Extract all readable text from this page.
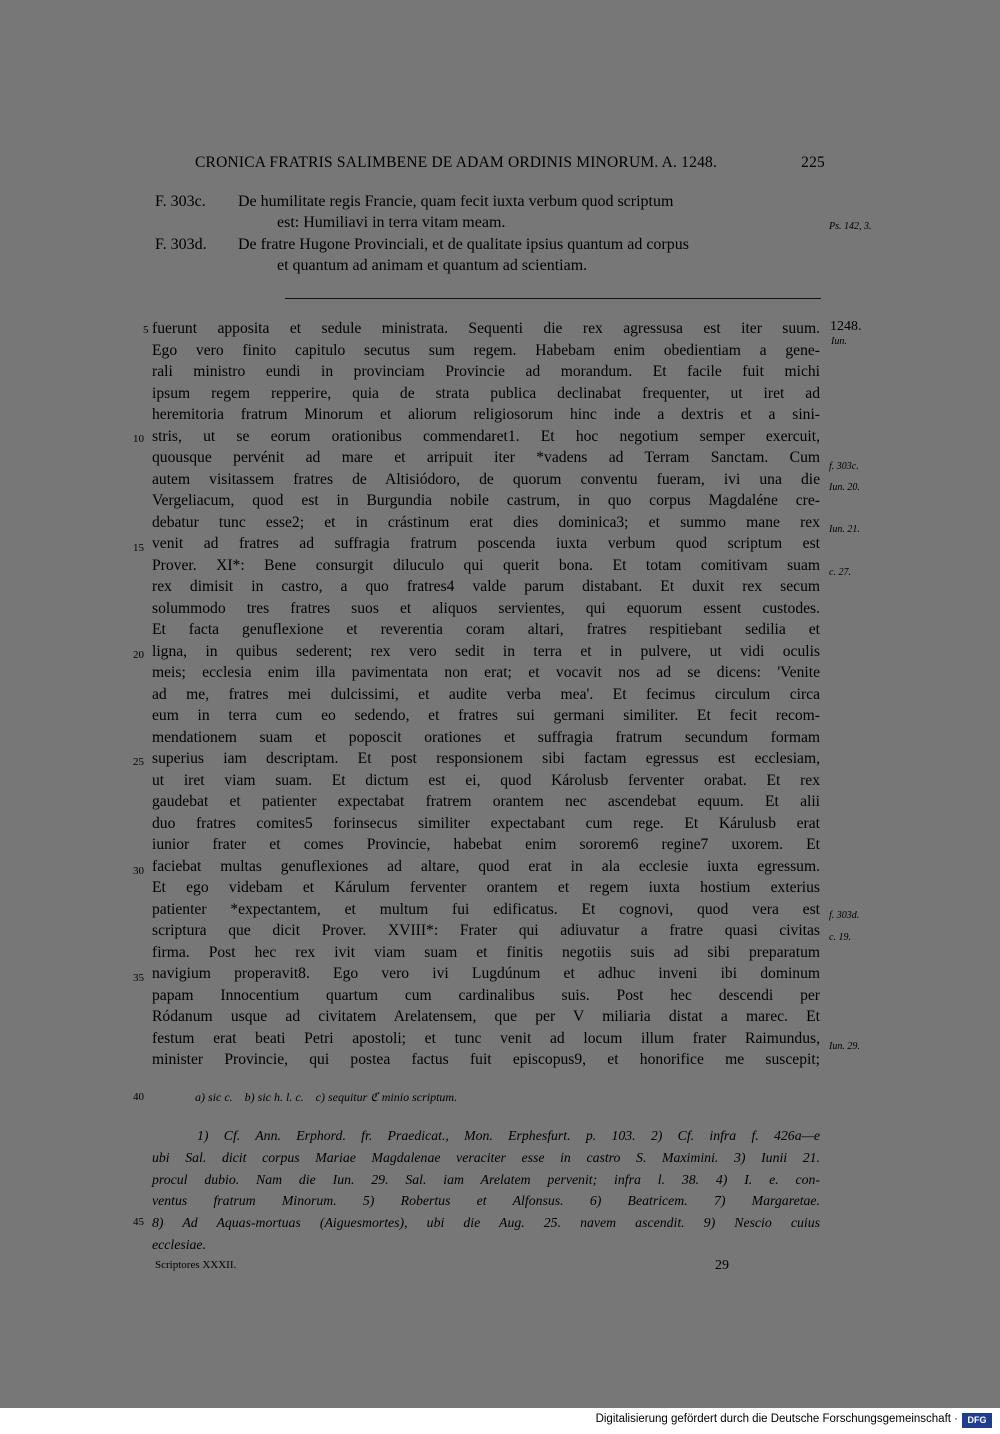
CRONICA FRATRIS SALIMBENE DE ADAM ORDINIS MINORUM. A. 1248.	225
F. 303c. De humilitate regis Francie, quam fecit iuxta verbum quod scriptum
est: Humiliavi in terra vitam meam.	Ps. 142, 3.
F. 303d. De fratre Hugone Provinciali, et de qualitate ipsius quantum ad corpus
et quantum ad animam et quantum ad scientiam.
fuerunt apposita et sedule ministrata. Sequenti die rex agressusa est iter suum.
Ego vero finito capitulo secutus sum regem. Habebam enim obedientiam a gene-
rali ministro eundi in provinciam Provincie ad morandum. Et facile fuit michi
ipsum regem repperire, quia de strata publica declinabat frequenter, ut iret ad
heremitoria fratrum Minorum et aliorum religiosorum hinc inde a dextris et a sini-
stris, ut se eorum orationibus commendaret1. Et hoc negotium semper exercuit,
quousque pervénit ad mare et arripuit iter *vadens ad Terram Sanctam. Cum
autem visitassem fratres de Altisiódoro, de quorum conventu fueram, ivi una die
Vergeliacum, quod est in Burgundia nobile castrum, in quo corpus Magdaléne cre-
debatur tunc esse2; et in crástinum erat dies dominica3; et summo mane rex
venit ad fratres ad suffragia fratrum poscenda iuxta verbum quod scriptum est
Prover. XI*: Bene consurgit diluculo qui querit bona. Et totam comitivam suam
rex dimisit in castro, a quo fratres4 valde parum distabant. Et duxit rex secum
solummodo tres fratres suos et aliquos servientes, qui equorum essent custodes.
Et facta genuflexione et reverentia coram altari, fratres respitiebant sedilia et
ligna, in quibus sederent; rex vero sedit in terra et in pulvere, ut vidi oculis
meis; ecclesia enim illa pavimentata non erat; et vocavit nos ad se dicens: 'Venite
ad me, fratres mei dulcissimi, et audite verba mea'. Et fecimus circulum circa
eum in terra cum eo sedendo, et fratres sui germani similiter. Et fecit recom-
mendationem suam et poposcit orationes et suffragia fratrum secundum formam
superius iam descriptam. Et post responsionem sibi factam egressus est ecclesiam,
ut iret viam suam. Et dictum est ei, quod Károlusb ferventer orabat. Et rex
gaudebat et patienter expectabat fratrem orantem nec ascendebat equum. Et alii
duo fratres comites5 forinsecus similiter expectabant cum rege. Et Kárulusb erat
iunior frater et comes Provincie, habebat enim sororem6 regine7 uxorem. Et
faciebat multas genuflexiones ad altare, quod erat in ala ecclesie iuxta egressum.
Et ego videbam et Kárulum ferventer orantem et regem iuxta hostium exterius
patienter *expectantem, et multum fui edificatus. Et cognovi, quod vera est
scriptura que dicit Prover. XVIII*: Frater qui adiuvatur a fratre quasi civitas
firma. Post hec rex ivit viam suam et finitis negotiis suis ad sibi preparatum
navigium properavit8. Ego vero ivi Lugdúnum et adhuc inveni ibi dominum
papam Innocentium quartum cum cardinalibus suis. Post hec descendi per
Ródanum usque ad civitatem Arelatensem, que per V miliaria distat a marec. Et
festum erat beati Petri apostoli; et tunc venit ad locum illum frater Raimundus,
minister Provincie, qui postea factus fuit episcopus9, et honorifice me suscepit;
1248.
Iun.
f. 303c.
Iun. 20.
Iun. 21.
c. 27.
f. 303d.
c. 19.
Iun. 29.
5
10
15
20
25
30
35
40
45
a) sic c.    b) sic h. l. c.    c) sequitur ℭ minio scriptum.
1) Cf. Ann. Erphord. fr. Praedicat., Mon. Erphesfurt. p. 103. 2) Cf. infra f. 426a—e
ubi Sal. dicit corpus Mariae Magdalenae veraciter esse in castro S. Maximini. 3) Iunii 21.
procul dubio. Nam die Iun. 29. Sal. iam Arelatem pervenit; infra l. 38. 4) I. e. con-
ventus fratrum Minorum. 5) Robertus et Alfonsus. 6) Beatricem. 7) Margaretae.
8) Ad Aquas-mortuas (Aiguesmortes), ubi die Aug. 25. navem ascendit. 9) Nescio cuius
ecclesiae.
Scriptores XXXII.	29
Digitalisierung gefördert durch die Deutsche Forschungsgemeinschaft ·	DFG
